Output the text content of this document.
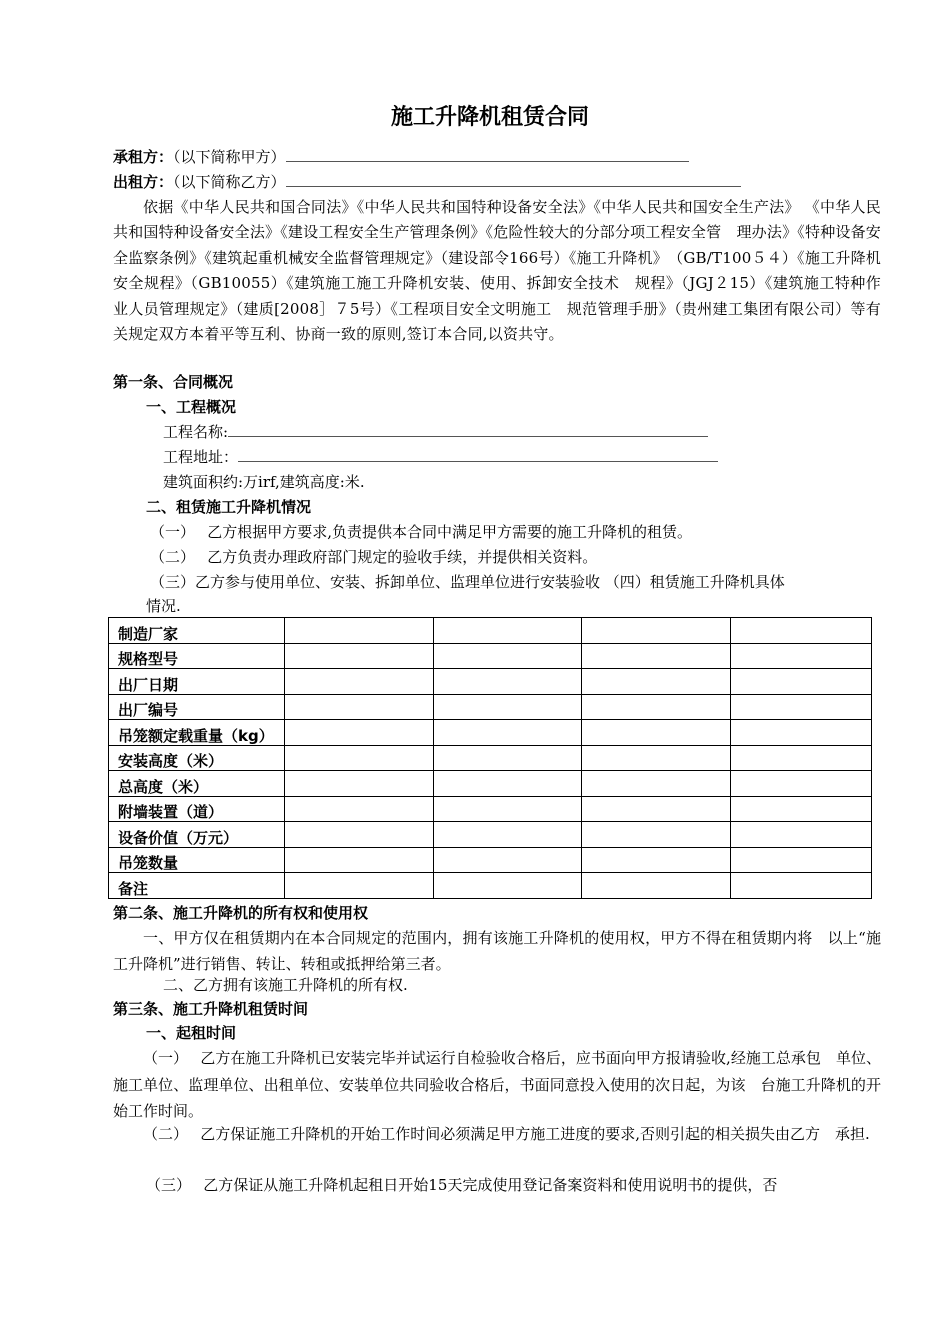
施工升降机租赁合同
承租方：（以下简称甲方）
出租方：（以下简称乙方）
依据《中华人民共和国合同法》《中华人民共和国特种设备安全法》《中华人民共和国安全生产法》 《中华人民共和国特种设备安全法》《建设工程安全生产管理条例》《危险性较大的分部分项工程安全管　理办法》《特种设备安全监察条例》《建筑起重机械安全监督管理规定》（建设部令166号）《施工升降机》　（GB/T100５４）《施工升降机安全规程》（GB10055）《建筑施工施工升降机安装、使用、拆卸安全技术　规程》（JGJ２15）《建筑施工特种作业人员管理规定》（建质[2008］７5号）《工程项目安全文明施工　规范管理手册》（贵州建工集团有限公司）等有关规定双方本着平等互利、协商一致的原则,签订本合同,以资共守。
第一条、合同概况
一、工程概况
工程名称:
工程地址：
建筑面积约:万irf,建筑高度:米.
二、租赁施工升降机情况
（一）　 乙方根据甲方要求,负责提供本合同中满足甲方需要的施工升降机的租赁。
（二）　 乙方负责办理政府部门规定的验收手续，并提供相关资料。
（三）乙方参与使用单位、安装、拆卸单位、监理单位进行安装验收 （四）租赁施工升降机具体
情况.
制造厂家				
规格型号				
出厂日期				
出厂编号				
吊笼额定载重量（kg）				
安装高度（米）				
总高度（米）				
附墙装置（道）				
设备价值（万元）				
吊笼数量				
备注				
第二条、施工升降机的所有权和使用权
一、甲方仅在租赁期内在本合同规定的范围内，拥有该施工升降机的使用权，甲方不得在租赁期内将　以上“施工升降机”进行销售、转让、转租或抵押给第三者。
二、乙方拥有该施工升降机的所有权.
第三条、施工升降机租赁时间
一、起租时间
（一）　 乙方在施工升降机已安装完毕并试运行自检验收合格后，应书面向甲方报请验收,经施工总承包　单位、施工单位、监理单位、出租单位、安装单位共同验收合格后，书面同意投入使用的次日起，为该　台施工升降机的开始工作时间。
（二）　 乙方保证施工升降机的开始工作时间必须满足甲方施工进度的要求,否则引起的相关损失由乙方　承担.
（三）　 乙方保证从施工升降机起租日开始15天完成使用登记备案资料和使用说明书的提供，否
